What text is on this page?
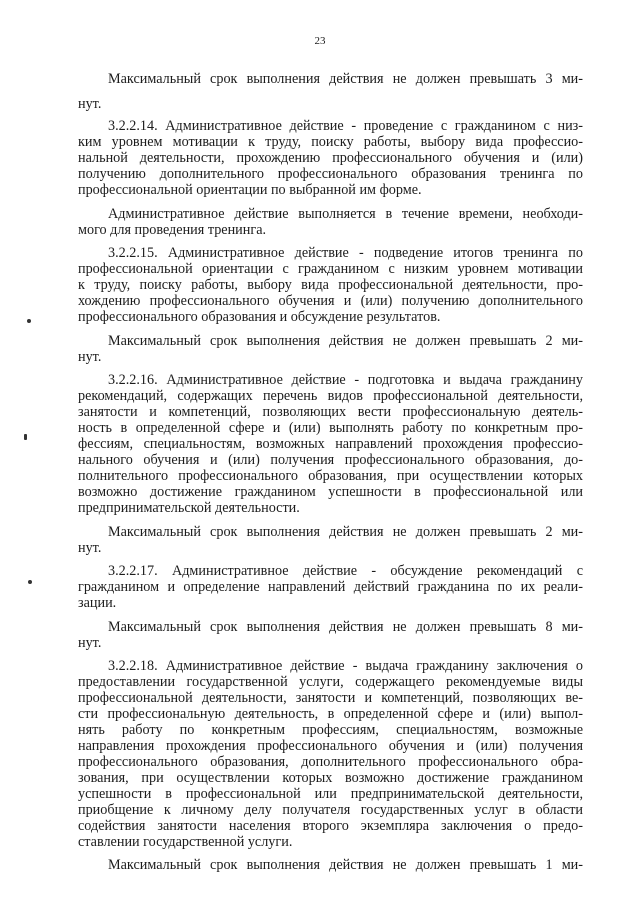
23
Максимальный срок выполнения действия не должен превышать 3 ми-
нут.
3.2.2.14. Административное действие - проведение с гражданином с низ-
ким уровнем мотивации к труду, поиску работы, выбору вида профессио-
нальной деятельности, прохождению профессионального обучения и (или)
получению дополнительного профессионального образования тренинга по
профессиональной ориентации по выбранной им форме.
Административное действие выполняется в течение времени, необходи-
мого для проведения тренинга.
3.2.2.15. Административное действие - подведение итогов тренинга по
профессиональной ориентации с гражданином с низким уровнем мотивации
к труду, поиску работы, выбору вида профессиональной деятельности, про-
хождению профессионального обучения и (или) получению дополнительного
профессионального образования и обсуждение результатов.
Максимальный срок выполнения действия не должен превышать 2 ми-
нут.
3.2.2.16. Административное действие - подготовка и выдача гражданину
рекомендаций, содержащих перечень видов профессиональной деятельности,
занятости и компетенций, позволяющих вести профессиональную деятель-
ность в определенной сфере и (или) выполнять работу по конкретным про-
фессиям, специальностям, возможных направлений прохождения профессио-
нального обучения и (или) получения профессионального образования, до-
полнительного профессионального образования, при осуществлении которых
возможно достижение гражданином успешности в профессиональной или
предпринимательской деятельности.
Максимальный срок выполнения действия не должен превышать 2 ми-
нут.
3.2.2.17. Административное действие - обсуждение рекомендаций с
гражданином и определение направлений действий гражданина по их реали-
зации.
Максимальный срок выполнения действия не должен превышать 8 ми-
нут.
3.2.2.18. Административное действие - выдача гражданину заключения о
предоставлении государственной услуги, содержащего рекомендуемые виды
профессиональной деятельности, занятости и компетенций, позволяющих ве-
сти профессиональную деятельность, в определенной сфере и (или) выпол-
нять работу по конкретным профессиям, специальностям, возможные
направления прохождения профессионального обучения и (или) получения
профессионального образования, дополнительного профессионального обра-
зования, при осуществлении которых возможно достижение гражданином
успешности в профессиональной или предпринимательской деятельности,
приобщение к личному делу получателя государственных услуг в области
содействия занятости населения второго экземпляра заключения о предо-
ставлении государственной услуги.
Максимальный срок выполнения действия не должен превышать 1 ми-
